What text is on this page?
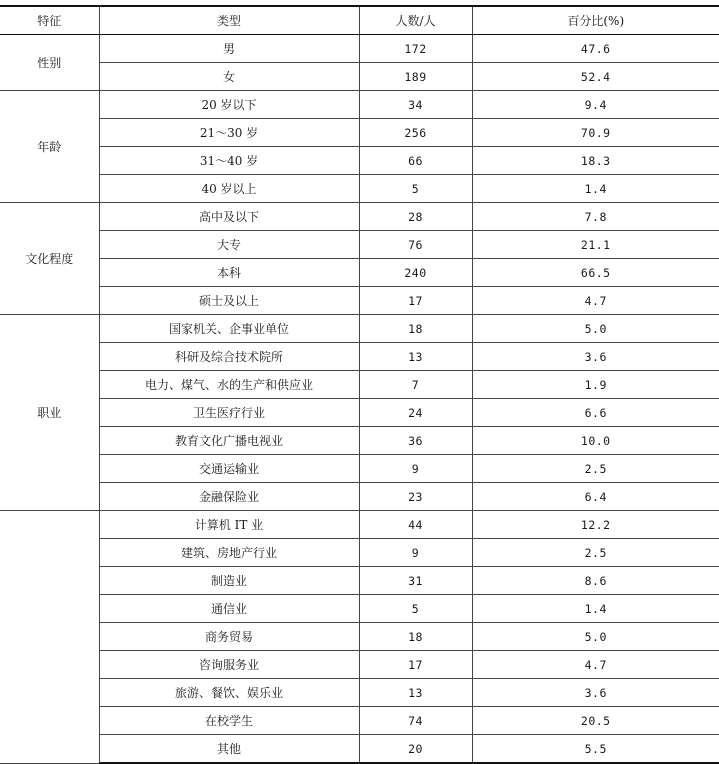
特征	类型	人数/人	百分比(%)
性别	男	172	47.6
	女	189	52.4
年龄	20 岁以下	34	9.4
	21～30 岁	256	70.9
	31～40 岁	66	18.3
	40 岁以上	5	1.4
文化程度	高中及以下	28	7.8
	大专	76	21.1
	本科	240	66.5
	硕士及以上	17	4.7
职业	国家机关、企事业单位	18	5.0
	科研及综合技术院所	13	3.6
	电力、煤气、水的生产和供应业	7	1.9
	卫生医疗行业	24	6.6
	教育文化广播电视业	36	10.0
	交通运输业	9	2.5
	金融保险业	23	6.4
	计算机 IT 业	44	12.2
	建筑、房地产行业	9	2.5
	制造业	31	8.6
	通信业	5	1.4
	商务贸易	18	5.0
	咨询服务业	17	4.7
	旅游、餐饮、娱乐业	13	3.6
	在校学生	74	20.5
	其他	20	5.5
